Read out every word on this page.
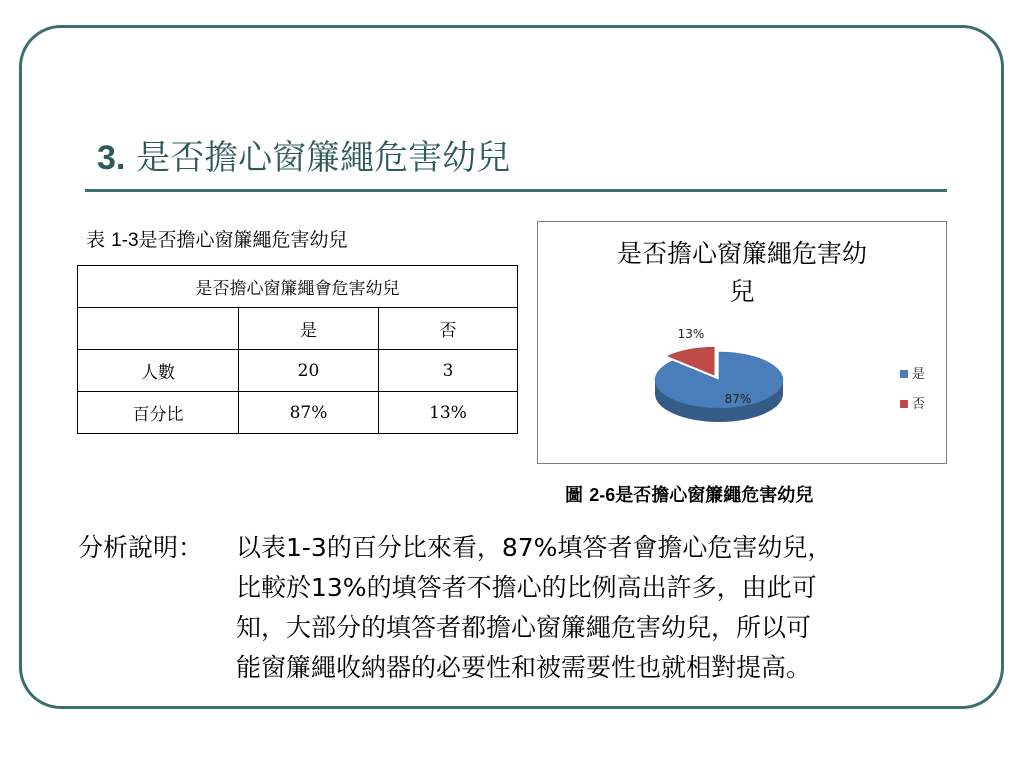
3. 是否擔心窗簾繩危害幼兒
表 1-3是否擔心窗簾繩危害幼兒
是否擔心窗簾繩會危害幼兒		
	是	否
人數	20	3
百分比	87%	13%
是否擔心窗簾繩危害幼
兒
87%
13%
是
否
圖 2-6是否擔心窗簾繩危害幼兒
分析說明： 以表1-3的百分比來看，87%填答者會擔心危害幼兒，
比較於13%的填答者不擔心的比例高出許多，由此可
知，大部分的填答者都擔心窗簾繩危害幼兒，所以可
能窗簾繩收納器的必要性和被需要性也就相對提高。
